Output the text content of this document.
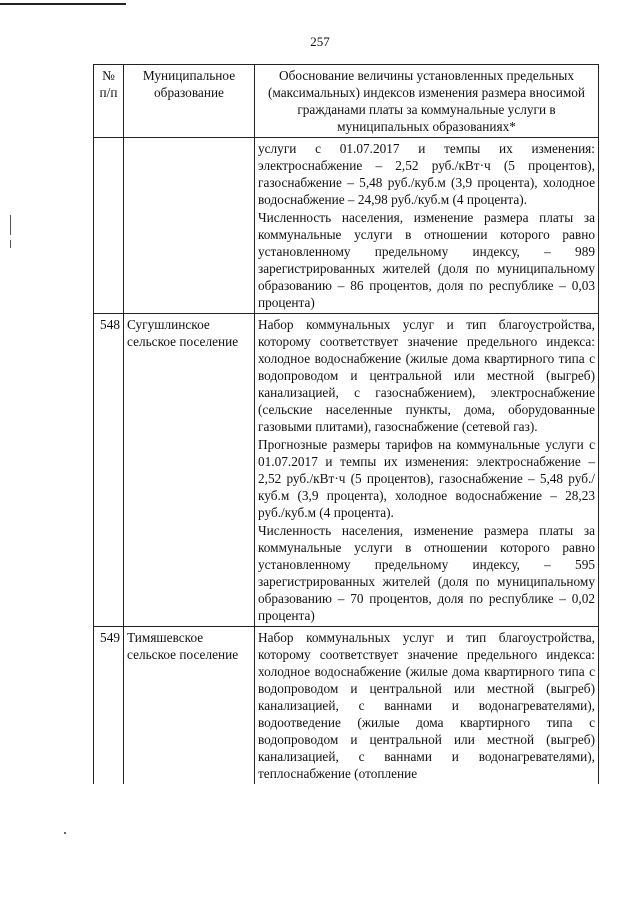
257
№ п/п	Муниципальное образование	Обоснование величины установленных предельных (максимальных) индексов изменения размера вносимой гражданами платы за коммунальные услуги в муниципальных образованиях*

		услуги с 01.07.2017 и темпы их изменения: электроснабжение – 2,52 руб./кВт·ч (5 процентов), газоснабжение – 5,48 руб./куб.м (3,9 процента), холодное водоснабжение – 24,98 руб./куб.м (4 процента).

Численность населения, изменение размера платы за коммунальные услуги в отношении которого равно установленному предельному индексу, – 989 зарегистрированных жителей (доля по муниципальному образованию – 86 процентов, доля по республике – 0,03 процента)

548	Сугушлинское сельское поселение	Набор коммунальных услуг и тип благоустройства, которому соответствует значение предельного индекса: холодное водоснабжение (жилые дома квартирного типа с водопроводом и центральной или местной (выгреб) канализацией, с газоснабжением), электроснабжение (сельские населенные пункты, дома, оборудованные газовыми плитами), газоснабжение (сетевой газ).

Прогнозные размеры тарифов на коммунальные услуги с 01.07.2017 и темпы их изменения: электроснабжение – 2,52 руб./кВт·ч (5 процентов), газоснабжение – 5,48 руб./куб.м (3,9 процента), холодное водоснабжение – 28,23 руб./куб.м (4 процента).

Численность населения, изменение размера платы за коммунальные услуги в отношении которого равно установленному предельному индексу, – 595 зарегистрированных жителей (доля по муниципальному образованию – 70 процентов, доля по республике – 0,02 процента)

549	Тимяшевское сельское поселение	Набор коммунальных услуг и тип благоустройства, которому соответствует значение предельного индекса: холодное водоснабжение (жилые дома квартирного типа с водопроводом и центральной или местной (выгреб) канализацией, с ваннами и водонагревателями), водоотведение (жилые дома квартирного типа с водопроводом и центральной или местной (выгреб) канализацией, с ваннами и водонагревателями), теплоснабжение (отопление
